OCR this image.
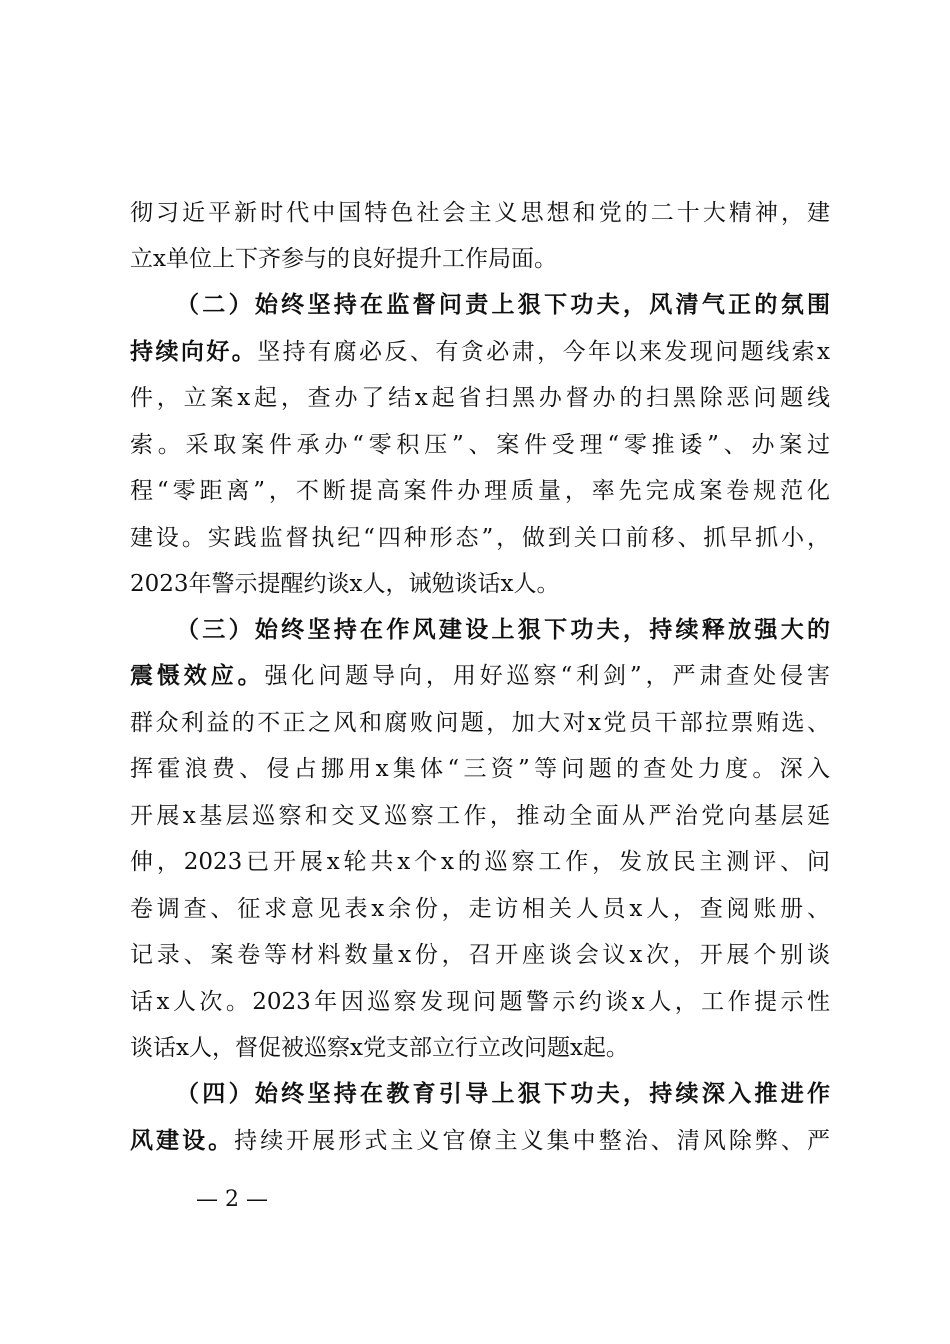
彻习近平新时代中国特色社会主义思想和党的二十大精神，建
立x单位上下齐参与的良好提升工作局面。
（二）始终坚持在监督问责上狠下功夫，风清气正的氛围
持续向好。坚持有腐必反、有贪必肃，今年以来发现问题线索x
件，立案x起，查办了结x起省扫黑办督办的扫黑除恶问题线
索。采取案件承办“零积压”、案件受理“零推诿”、办案过
程“零距离”，不断提高案件办理质量，率先完成案卷规范化
建设。实践监督执纪“四种形态”，做到关口前移、抓早抓小，
2023年警示提醒约谈x人，诫勉谈话x人。
（三）始终坚持在作风建设上狠下功夫，持续释放强大的
震慑效应。强化问题导向，用好巡察“利剑”，严肃查处侵害
群众利益的不正之风和腐败问题，加大对x党员干部拉票贿选、
挥霍浪费、侵占挪用x集体“三资”等问题的查处力度。深入
开展x基层巡察和交叉巡察工作，推动全面从严治党向基层延
伸，2023已开展x轮共x个x的巡察工作，发放民主测评、问
卷调查、征求意见表x余份，走访相关人员x人，查阅账册、
记录、案卷等材料数量x份，召开座谈会议x次，开展个别谈
话x人次。2023年因巡察发现问题警示约谈x人，工作提示性
谈话x人，督促被巡察x党支部立行立改问题x起。
（四）始终坚持在教育引导上狠下功夫，持续深入推进作
风建设。持续开展形式主义官僚主义集中整治、清风除弊、严
— 2 —
